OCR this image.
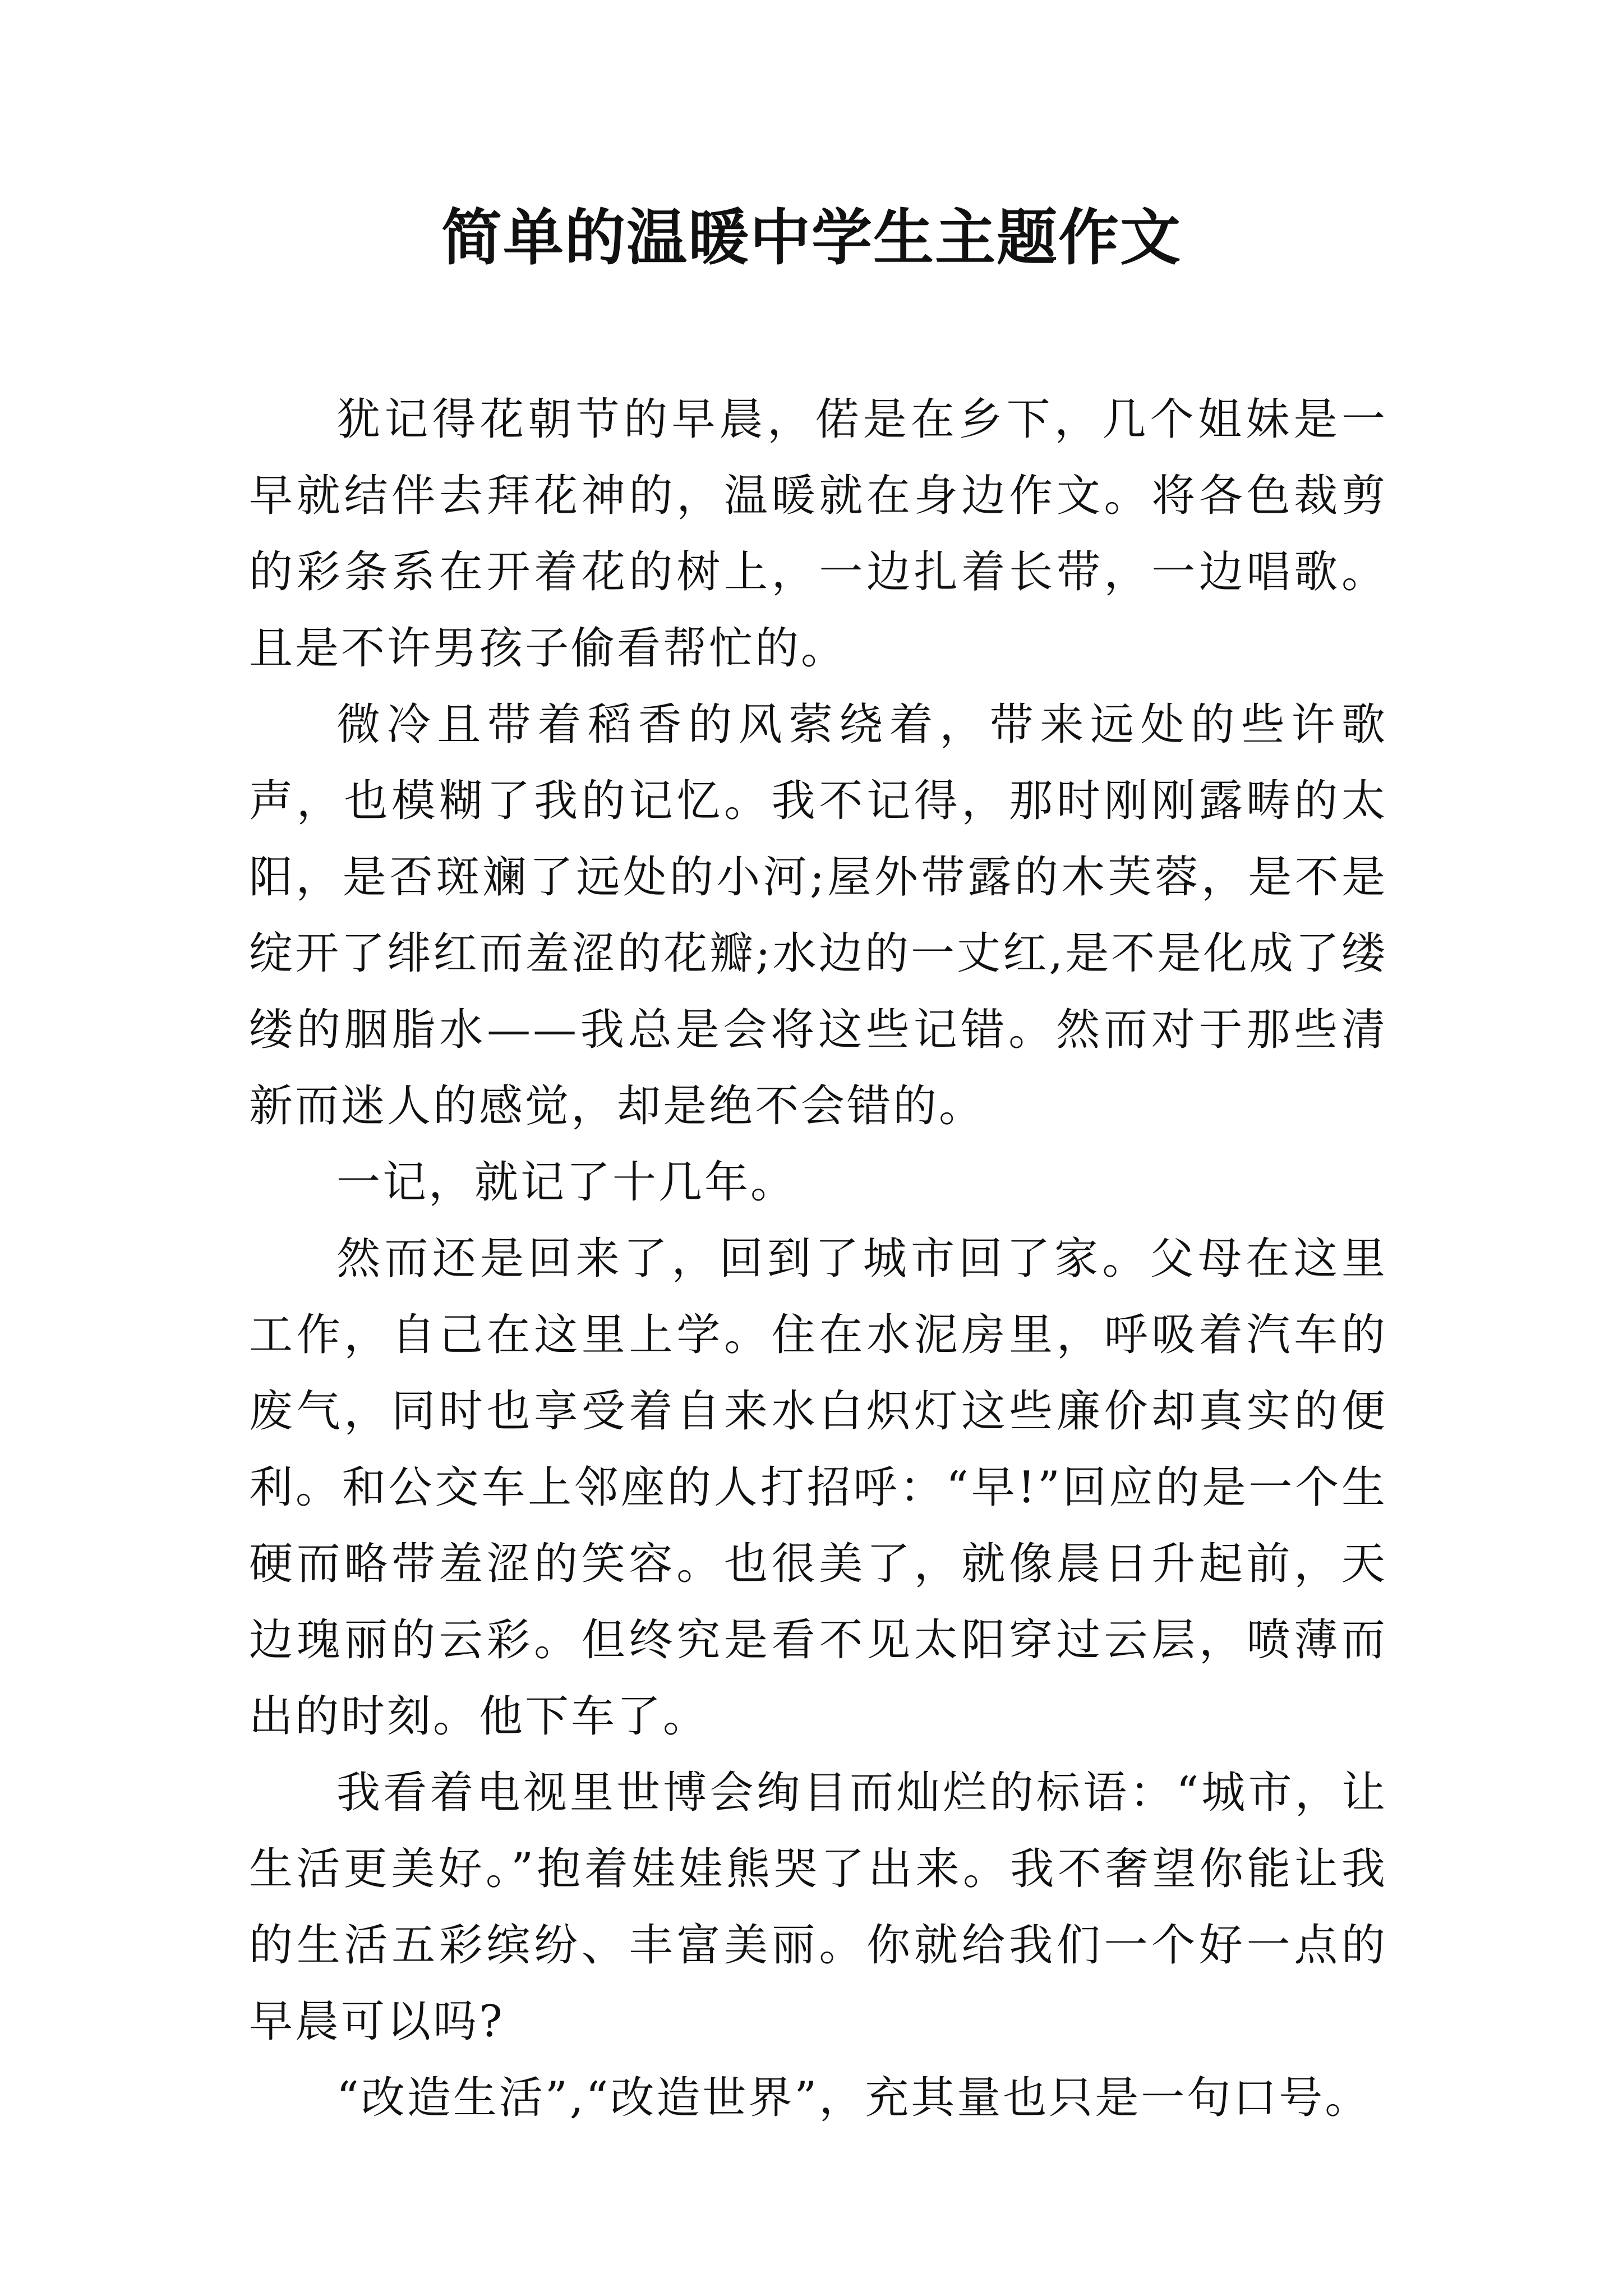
简单的温暖中学生主题作文

犹记得花朝节的早晨，偌是在乡下，几个姐妹是一早就结伴去拜花神的，温暖就在身边作文。将各色裁剪的彩条系在开着花的树上，一边扎着长带，一边唱歌。且是不许男孩子偷看帮忙的。

微冷且带着稻香的风萦绕着，带来远处的些许歌声，也模糊了我的记忆。我不记得，那时刚刚露畴的太阳，是否斑斓了远处的小河;屋外带露的木芙蓉，是不是绽开了绯红而羞涩的花瓣;水边的一丈红,是不是化成了缕缕的胭脂水——我总是会将这些记错。然而对于那些清新而迷人的感觉，却是绝不会错的。

一记，就记了十几年。

然而还是回来了，回到了城市回了家。父母在这里工作，自己在这里上学。住在水泥房里，呼吸着汽车的废气，同时也享受着自来水白炽灯这些廉价却真实的便利。和公交车上邻座的人打招呼：“早!”回应的是一个生硬而略带羞涩的笑容。也很美了，就像晨日升起前，天边瑰丽的云彩。但终究是看不见太阳穿过云层，喷薄而出的时刻。他下车了。

我看着电视里世博会绚目而灿烂的标语：“城市，让生活更美好。”抱着娃娃熊哭了出来。我不奢望你能让我的生活五彩缤纷、丰富美丽。你就给我们一个好一点的早晨可以吗?

“改造生活”,“改造世界”，充其量也只是一句口号。
